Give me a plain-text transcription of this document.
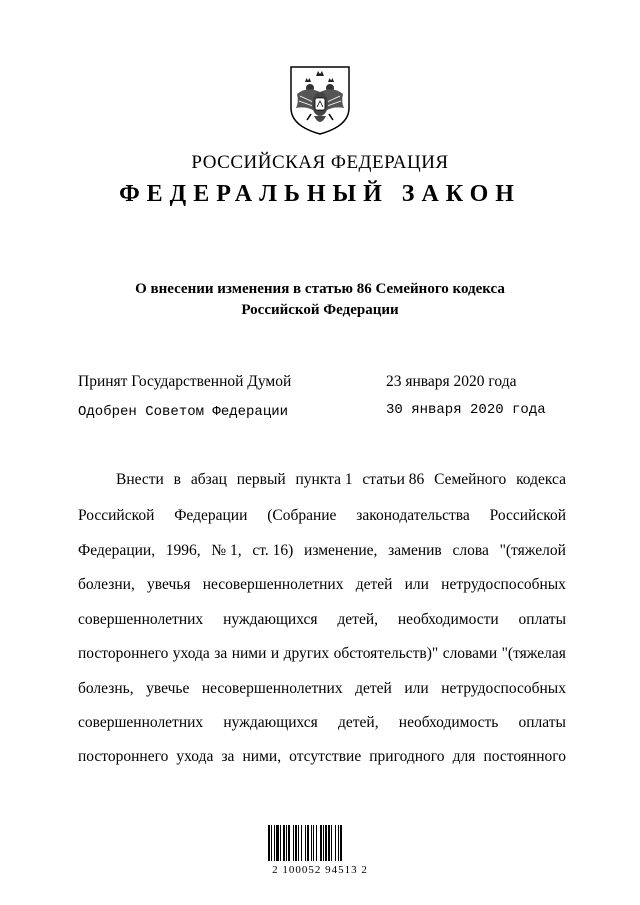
РОССИЙСКАЯ ФЕДЕРАЦИЯ
ФЕДЕРАЛЬНЫЙ ЗАКОН
О внесении изменения в статью 86 Семейного кодекса
Российской Федерации
Принят Государственной Думой	23 января 2020 года
Одобрен Советом Федерации	30 января 2020 года
Внести в абзац первый пункта 1 статьи 86 Семейного кодекса
Российской Федерации (Собрание законодательства Российской
Федерации, 1996, № 1, ст. 16) изменение, заменив слова "(тяжелой
болезни, увечья несовершеннолетних детей или нетрудоспособных
совершеннолетних нуждающихся детей, необходимости оплаты
постороннего ухода за ними и других обстоятельств)" словами "(тяжелая
болезнь, увечье несовершеннолетних детей или нетрудоспособных
совершеннолетних нуждающихся детей, необходимость оплаты
постороннего ухода за ними, отсутствие пригодного для постоянного
2 100052 94513 2
